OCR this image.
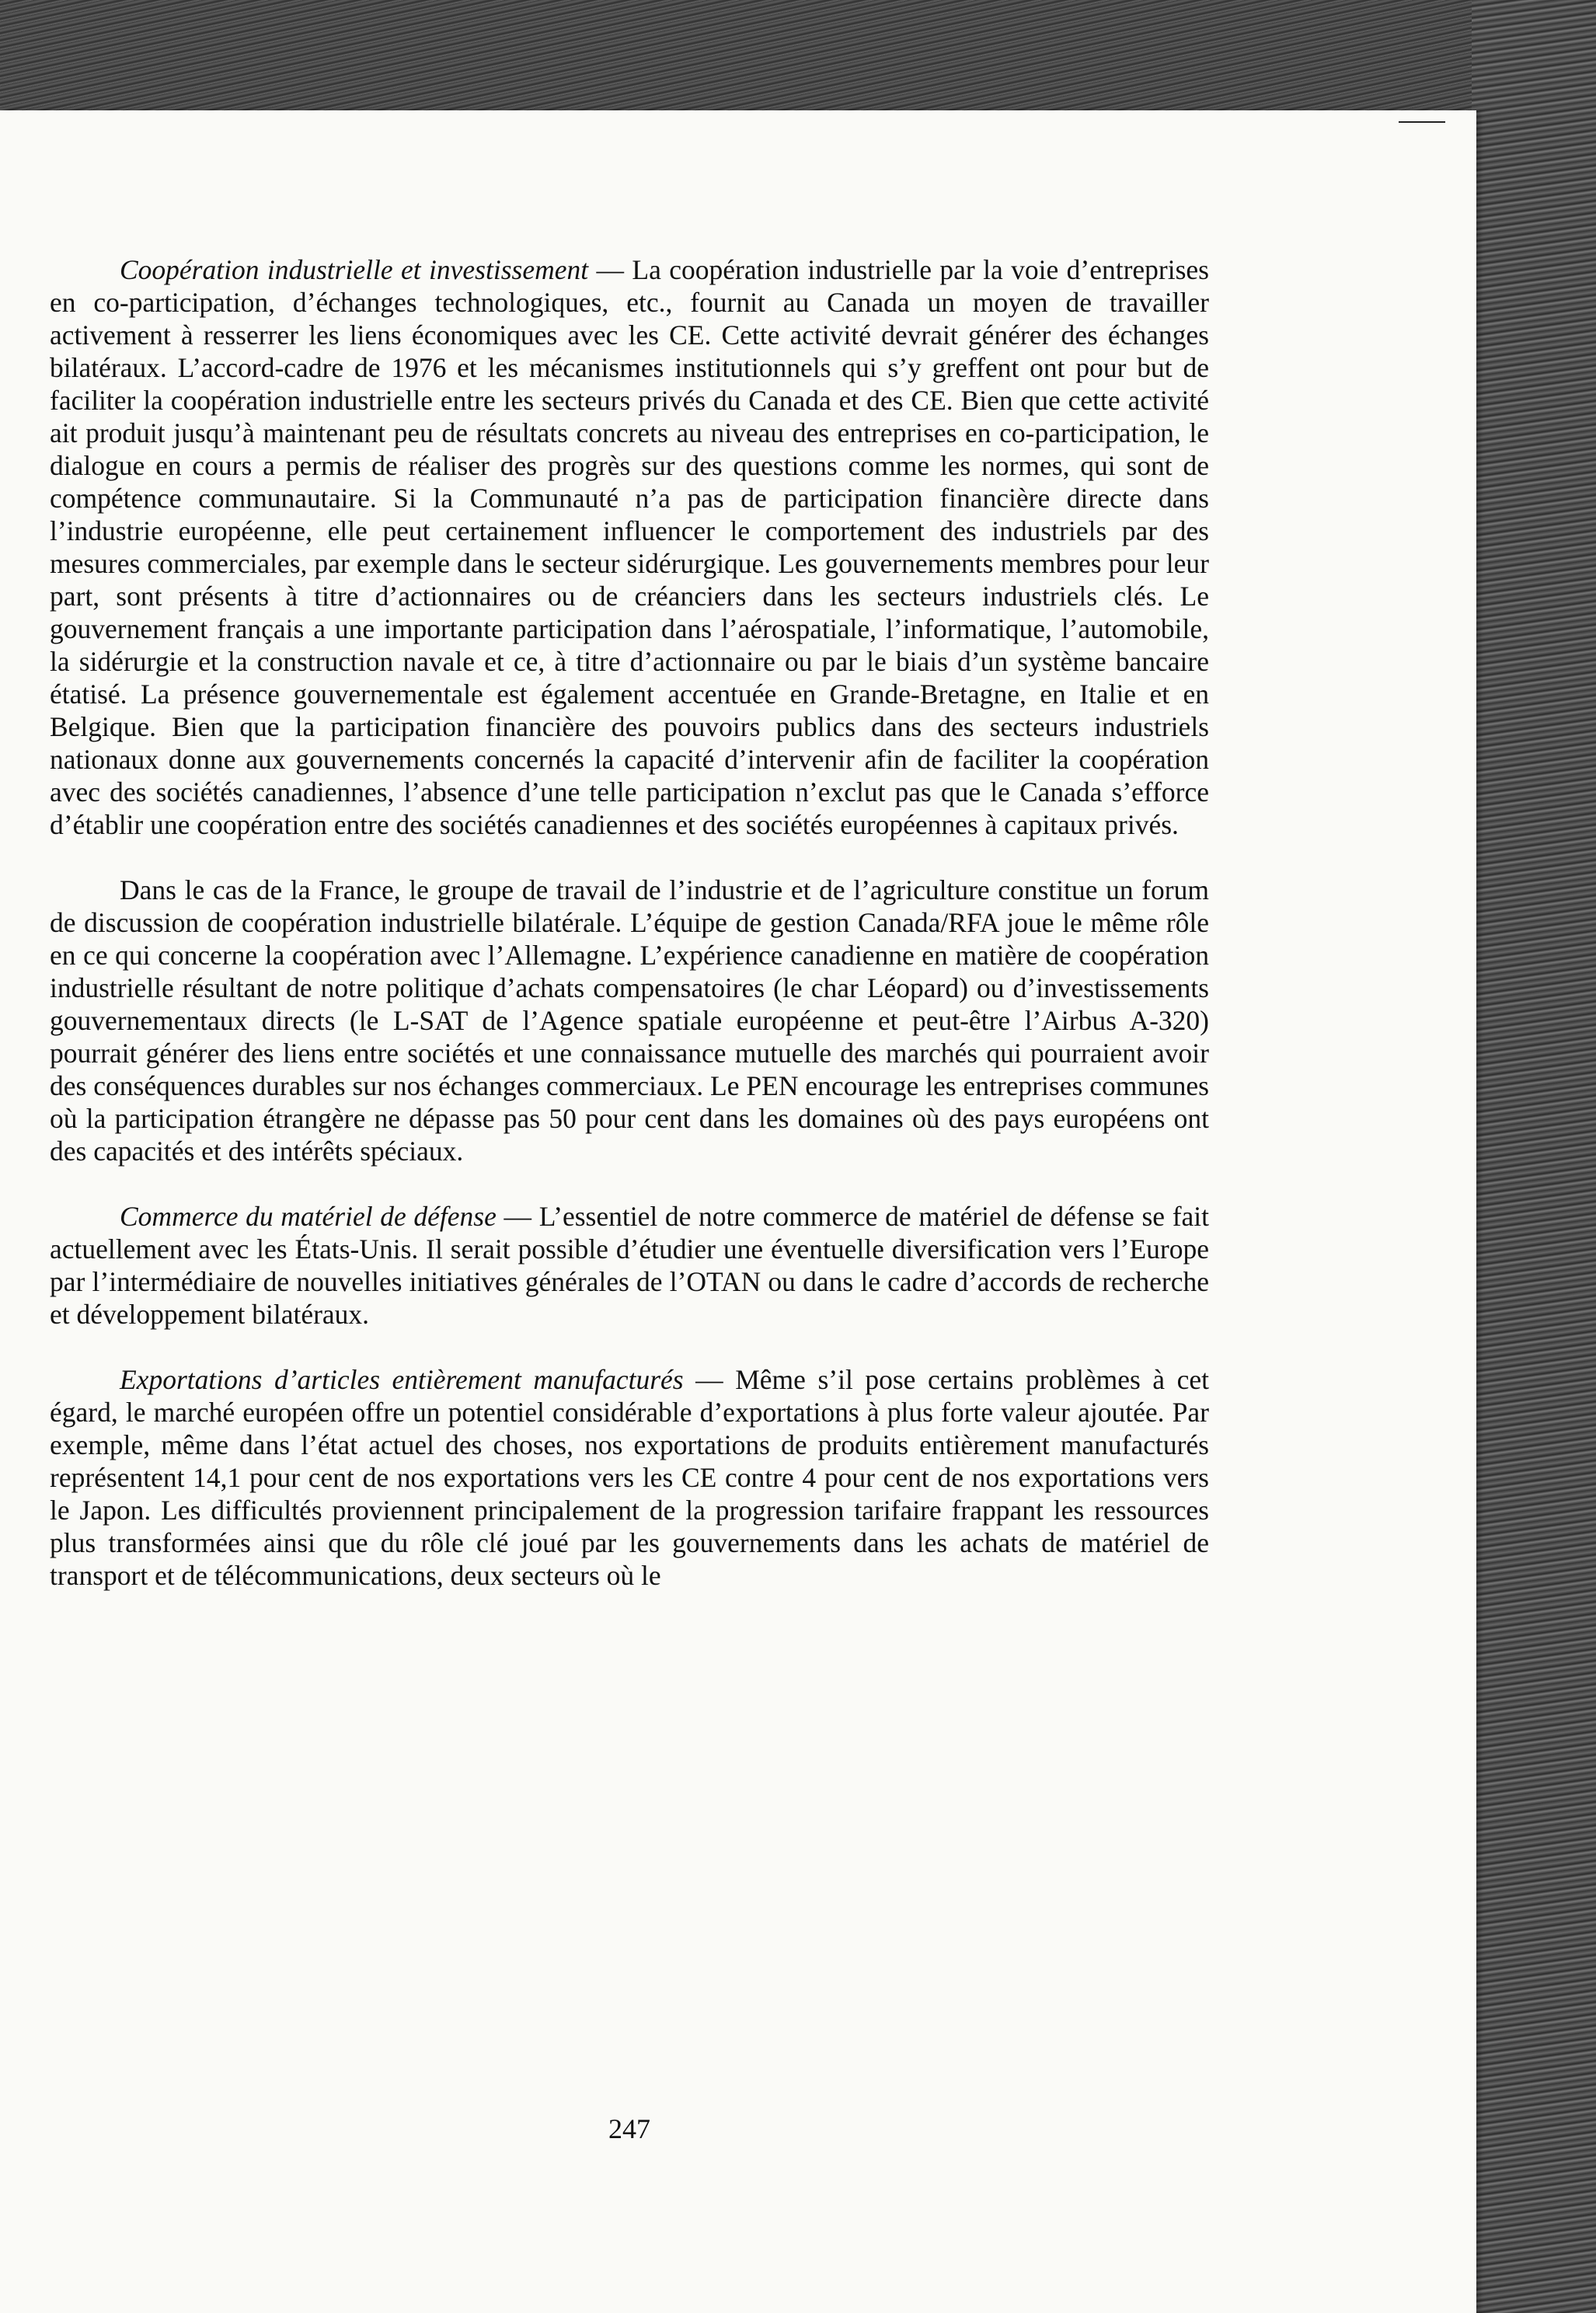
Coopération industrielle et investissement — La coopération industrielle par la voie d’entreprises en co-participation, d’échanges technologiques, etc., fournit au Canada un moyen de travailler activement à resserrer les liens économiques avec les CE. Cette activité devrait générer des échanges bilatéraux. L’accord-cadre de 1976 et les mécanismes institutionnels qui s’y greffent ont pour but de faciliter la coopération industrielle entre les secteurs privés du Canada et des CE. Bien que cette activité ait produit jusqu’à maintenant peu de résultats concrets au niveau des entreprises en co-participation, le dialogue en cours a permis de réaliser des progrès sur des questions comme les normes, qui sont de compétence communautaire. Si la Communauté n’a pas de participation financière directe dans l’industrie européenne, elle peut certainement influencer le comportement des industriels par des mesures commerciales, par exemple dans le secteur sidérurgique. Les gouvernements membres pour leur part, sont présents à titre d’actionnaires ou de créanciers dans les secteurs industriels clés. Le gouvernement français a une importante participation dans l’aérospatiale, l’informatique, l’automobile, la sidérurgie et la construction navale et ce, à titre d’actionnaire ou par le biais d’un système bancaire étatisé. La présence gouvernementale est également accentuée en Grande-Bretagne, en Italie et en Belgique. Bien que la participation financière des pouvoirs publics dans des secteurs industriels nationaux donne aux gouvernements concernés la capacité d’intervenir afin de faciliter la coopération avec des sociétés canadiennes, l’absence d’une telle participation n’exclut pas que le Canada s’efforce d’établir une coopération entre des sociétés canadiennes et des sociétés européennes à capitaux privés.

Dans le cas de la France, le groupe de travail de l’industrie et de l’agriculture constitue un forum de discussion de coopération industrielle bilatérale. L’équipe de gestion Canada/RFA joue le même rôle en ce qui concerne la coopération avec l’Allemagne. L’expérience canadienne en matière de coopération industrielle résultant de notre politique d’achats compensatoires (le char Léopard) ou d’investissements gouvernementaux directs (le L-SAT de l’Agence spatiale européenne et peut-être l’Airbus A-320) pourrait générer des liens entre sociétés et une connaissance mutuelle des marchés qui pourraient avoir des conséquences durables sur nos échanges commerciaux. Le PEN encourage les entreprises communes où la participation étrangère ne dépasse pas 50 pour cent dans les domaines où des pays européens ont des capacités et des intérêts spéciaux.

Commerce du matériel de défense — L’essentiel de notre commerce de matériel de défense se fait actuellement avec les États-Unis. Il serait possible d’étudier une éventuelle diversification vers l’Europe par l’intermédiaire de nouvelles initiatives générales de l’OTAN ou dans le cadre d’accords de recherche et développement bilatéraux.

Exportations d’articles entièrement manufacturés — Même s’il pose certains problèmes à cet égard, le marché européen offre un potentiel considérable d’exportations à plus forte valeur ajoutée. Par exemple, même dans l’état actuel des choses, nos exportations de produits entièrement manufacturés représentent 14,1 pour cent de nos exportations vers les CE contre 4 pour cent de nos exportations vers le Japon. Les difficultés proviennent principalement de la progression tarifaire frappant les ressources plus transformées ainsi que du rôle clé joué par les gouvernements dans les achats de matériel de transport et de télécommunications, deux secteurs où le

247
